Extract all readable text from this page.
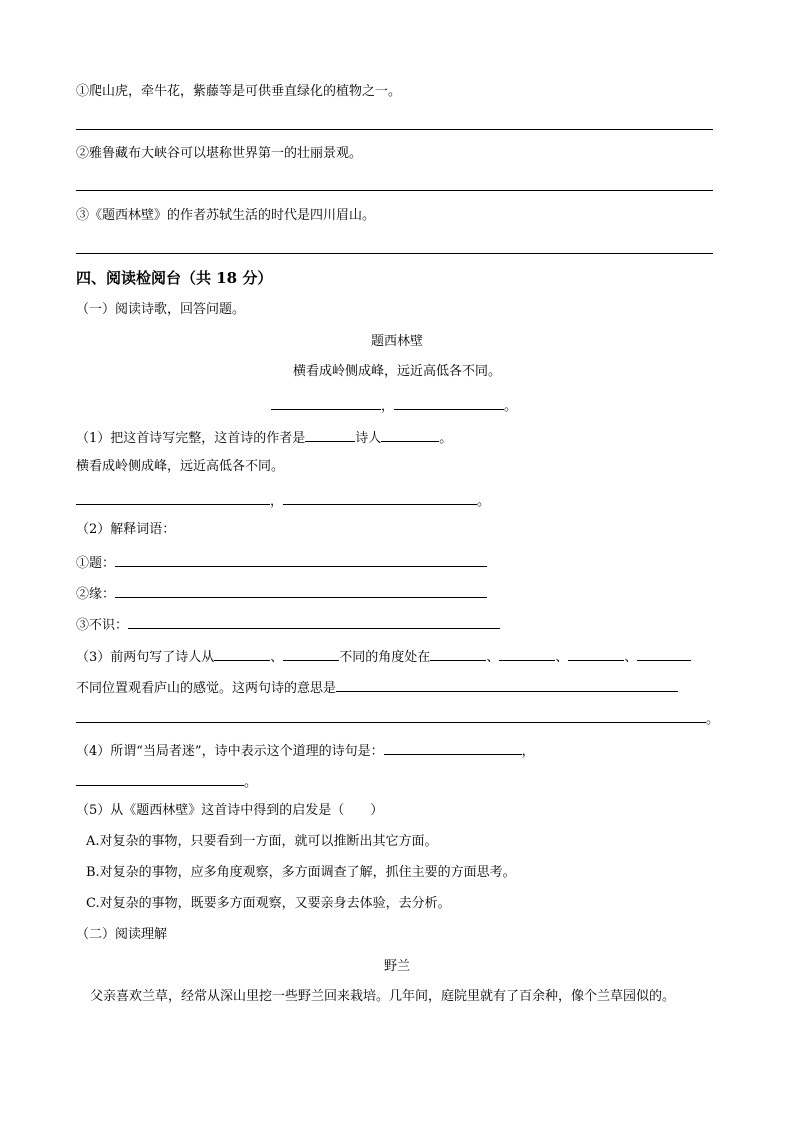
①爬山虎，牵牛花，紫藤等是可供垂直绿化的植物之一。
②雅鲁藏布大峡谷可以堪称世界第一的壮丽景观。
③《题西林壁》的作者苏轼生活的时代是四川眉山。
四、阅读检阅台（共 18 分）
（一）阅读诗歌，回答问题。
题西林壁
横看成岭侧成峰，远近高低各不同。
，	。
（1）把这首诗写完整，这首诗的作者是	诗人	。
横看成岭侧成峰，远近高低各不同。
，	。
（2）解释词语：
①题：
②缘：
③不识：
（3）前两句写了诗人从	、	不同的角度处在	、	、	、
不同位置观看庐山的感觉。这两句诗的意思是
。
（4）所谓“当局者迷”，诗中表示这个道理的诗句是：	，
。
（5）从《题西林壁》这首诗中得到的启发是（　　）
A.对复杂的事物，只要看到一方面，就可以推断出其它方面。
B.对复杂的事物，应多角度观察，多方面调查了解，抓住主要的方面思考。
C.对复杂的事物，既要多方面观察，又要亲身去体验，去分析。
（二）阅读理解
野兰
父亲喜欢兰草，经常从深山里挖一些野兰回来栽培。几年间，庭院里就有了百余种，像个兰草园似的。
